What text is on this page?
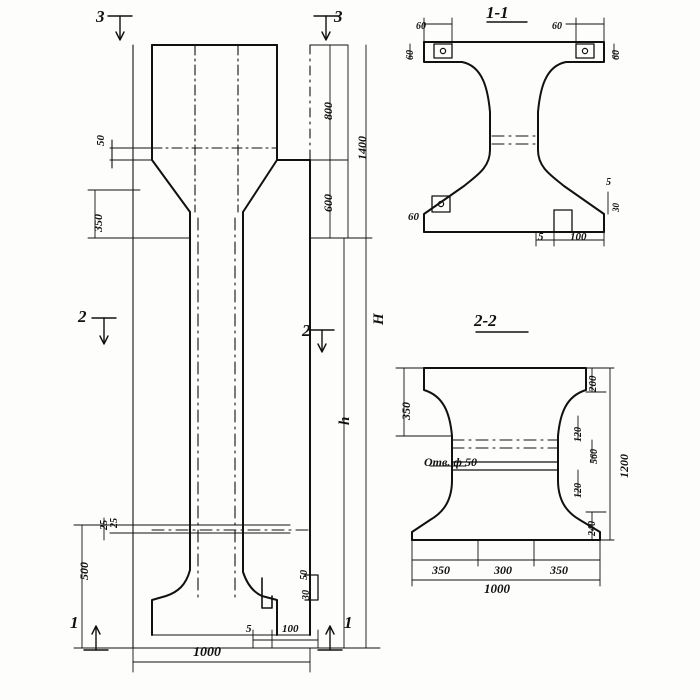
3	3
2
2
1	1
800
1400
600
350
50
H
h
25 25
500	50
30
5	100
1000
1-1
60	60
60	60
60
5 100
30
5
2-2
350
200
120
560
120
240
1200
350	300	350
1000
Отв. ф 50
